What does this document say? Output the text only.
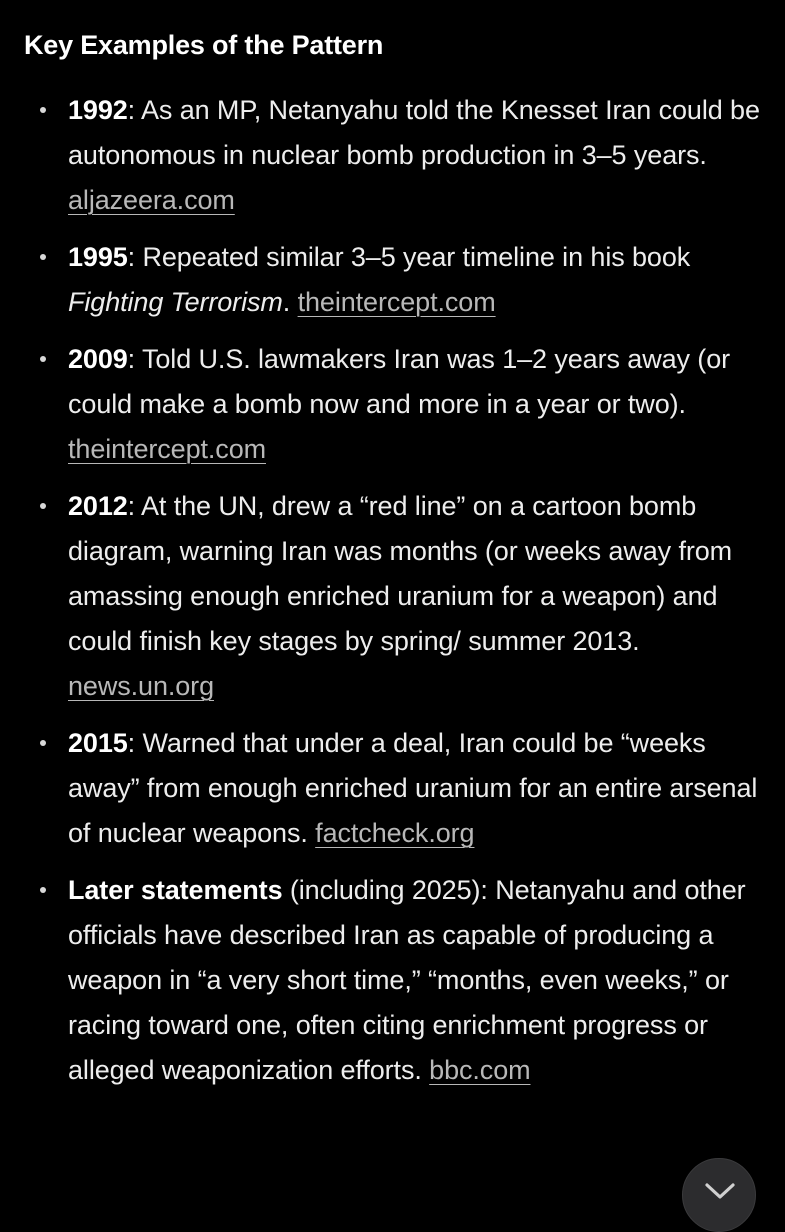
Key Examples of the Pattern
1992: As an MP, Netanyahu told the Knesset Iran could be autonomous in nuclear bomb production in 3–5 years. aljazeera.com
1995: Repeated similar 3–5 year timeline in his book Fighting Terrorism. theintercept.com
2009: Told U.S. lawmakers Iran was 1–2 years away (or could make a bomb now and more in a year or two). theintercept.com
2012: At the UN, drew a “red line” on a cartoon bomb diagram, warning Iran was months (or weeks away from amassing enough enriched uranium for a weapon) and could finish key stages by spring/ summer 2013. news.un.org
2015: Warned that under a deal, Iran could be “weeks away” from enough enriched uranium for an entire arsenal of nuclear weapons. factcheck.org
Later statements (including 2025): Netanyahu and other officials have described Iran as capable of producing a weapon in “a very short time,” “months, even weeks,” or racing toward one, often citing enrichment progress or alleged weaponization efforts. bbc.com
